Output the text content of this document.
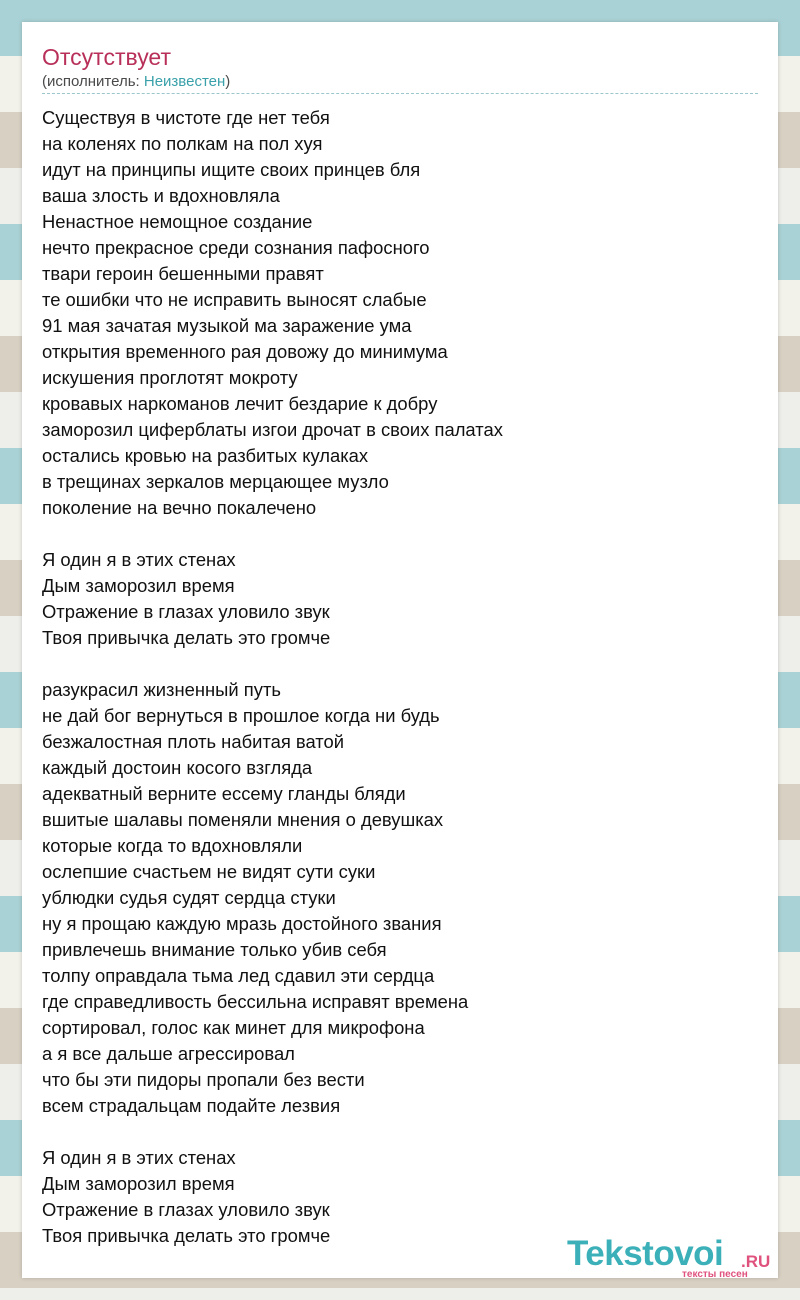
Отсутствует
(исполнитель: Неизвестен)
Существуя в чистоте где нет тебя
на коленях по полкам на пол хуя
идут на принципы ищите своих принцев бля
ваша злость и вдохновляла
Ненастное немощное создание
нечто прекрасное среди сознания пафосного
твари героин бешенными правят
те ошибки что не исправить выносят слабые
91 мая зачатая музыкой ма заражение ума
открытия временного рая довожу до минимума
искушения проглотят мокроту
кровавых наркоманов лечит бездарие к добру
заморозил циферблаты изгои дрочат в своих палатах
остались кровью на разбитых кулаках
в трещинах зеркалов мерцающее музло
поколение на вечно покалечено
Я один я в этих стенах
Дым заморозил время
Отражение в глазах уловило звук
Твоя привычка делать это громче
разукрасил жизненный путь
не дай бог вернуться в прошлое когда ни будь
безжалостная плоть набитая ватой
каждый достоин косого взгляда
адекватный верните ессему гланды бляди
вшитые шалавы поменяли мнения о девушках
которые когда то вдохновляли
ослепшие счастьем не видят сути суки
ублюдки судья судят сердца стуки
ну я прощаю каждую мразь достойного звания
привлечешь внимание только убив себя
толпу оправдала тьма лед сдавил эти сердца
где справедливость бессильна исправят времена
сортировал, голос как минет для микрофона
а я все дальше агрессировал
что бы эти пидоры пропали без вести
всем страдальцам подайте лезвия
Я один я в этих стенах
Дым заморозил время
Отражение в глазах уловило звук
Твоя привычка делать это громче	Tekstovoi .RU
тексты песен
